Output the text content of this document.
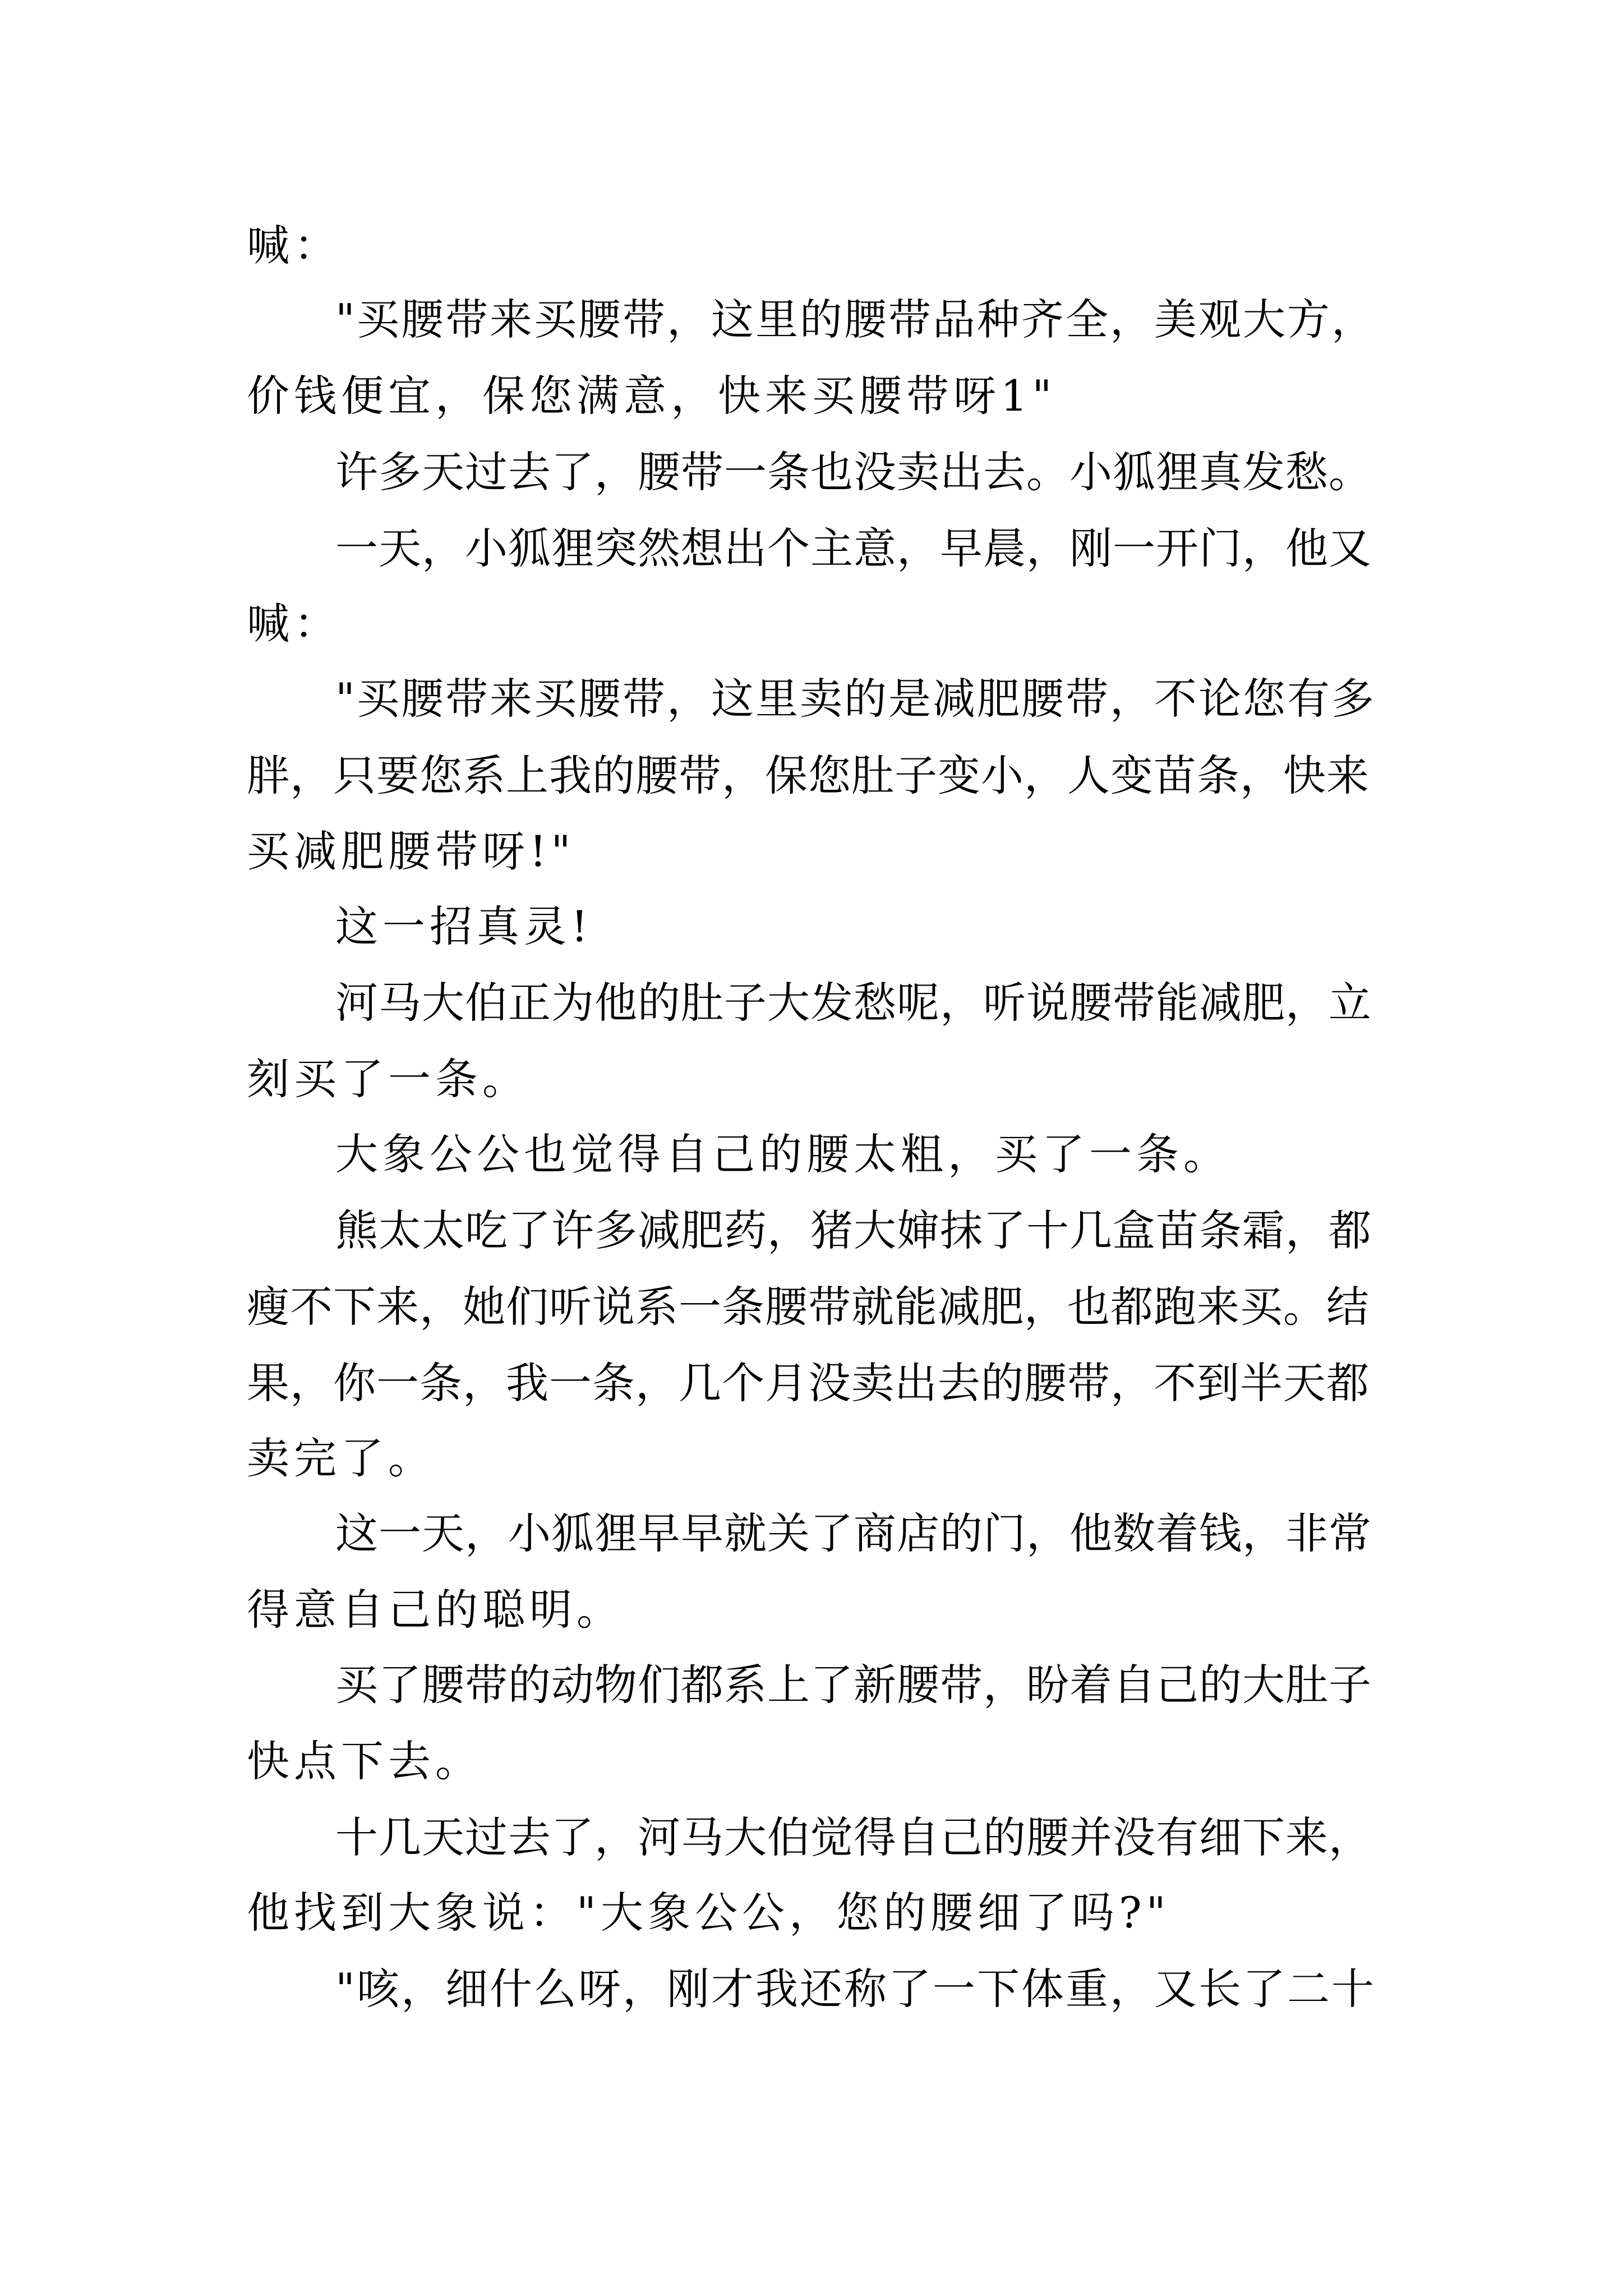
喊：

"买腰带来买腰带，这里的腰带品种齐全，美观大方，

价钱便宜，保您满意，快来买腰带呀1"

许多天过去了，腰带一条也没卖出去。小狐狸真发愁。

一天，小狐狸突然想出个主意，早晨，刚一开门，他又

喊：

"买腰带来买腰带，这里卖的是减肥腰带，不论您有多

胖，只要您系上我的腰带，保您肚子变小，人变苗条，快来

买减肥腰带呀!"

这一招真灵!

河马大伯正为他的肚子大发愁呢，听说腰带能减肥，立

刻买了一条。

大象公公也觉得自己的腰太粗，买了一条。

熊太太吃了许多减肥药，猪大婶抹了十几盒苗条霜，都

瘦不下来，她们听说系一条腰带就能减肥，也都跑来买。结

果，你一条，我一条，几个月没卖出去的腰带，不到半天都

卖完了。

这一天，小狐狸早早就关了商店的门，他数着钱，非常

得意自己的聪明。

买了腰带的动物们都系上了新腰带，盼着自己的大肚子

快点下去。

十几天过去了，河马大伯觉得自己的腰并没有细下来，

他找到大象说："大象公公，您的腰细了吗?"

"咳，细什么呀，刚才我还称了一下体重，又长了二十
